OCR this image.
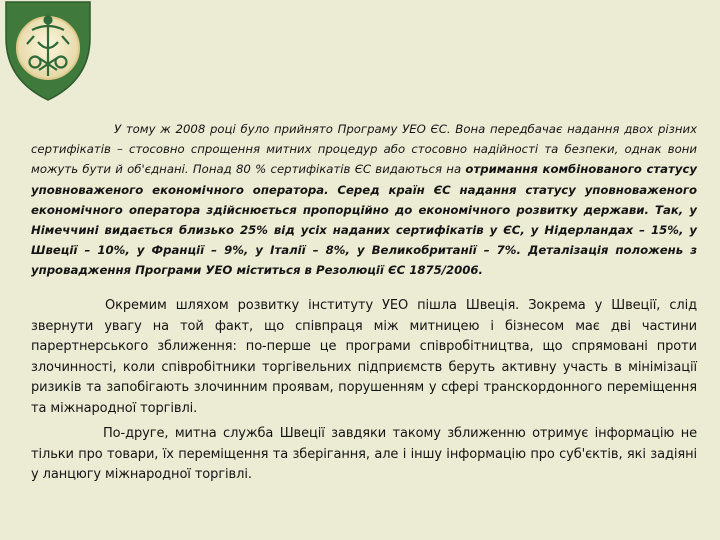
У тому ж 2008 році було прийнято Програму УЕО ЄС. Вона передбачає надання двох різних сертифікатів – стосовно спрощення митних процедур або стосовно надійності та безпеки, однак вони можуть бути й об'єднані. Понад 80 % сертифікатів ЄС видаються на отримання комбінованого статусу уповноваженого економічного оператора. Серед країн ЄС надання статусу уповноваженого економічного оператора здійснюється пропорційно до економічного розвитку держави. Так, у Німеччині видається близько 25% від усіх наданих сертифікатів у ЄС, у Нідерландах – 15%, у Швеції – 10%, у Франції – 9%, у Італії – 8%, у Великобританії – 7%. Деталізація положень з упровадження Програми УЕО міститься в Резолюції ЄС 1875/2006.

Окремим шляхом розвитку інституту УЕО пішла Швеція. Зокрема у Швеції, слід звернути увагу на той факт, що співпраця між митницею і бізнесом має дві частини парертнерського зближення: по-перше це програми співробітництва, що спрямовані проти злочинності, коли співробітники торгівельних підприємств беруть активну участь в мінімізації ризиків та запобігають злочинним проявам, порушенням у сфері транскордонного переміщення та міжнародної торгівлі.

По-друге, митна служба Швеції завдяки такому зближенню отримує інформацію не тільки про товари, їх переміщення та зберігання, але і іншу інформацію про суб'єктів, які задіяні у ланцюгу міжнародної торгівлі.
